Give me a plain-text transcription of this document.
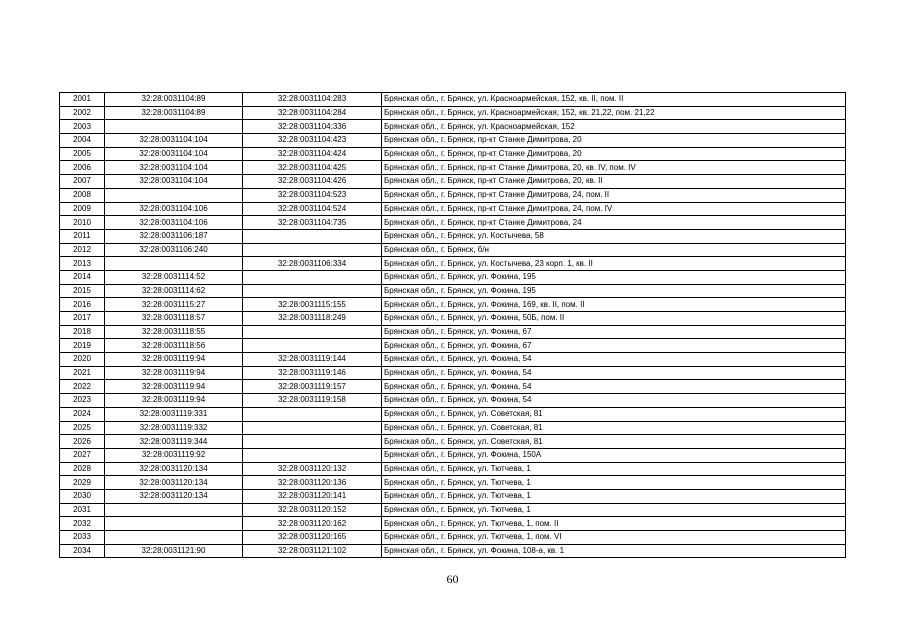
2001	32:28:0031104:89	32:28:0031104:283	Брянская обл., г. Брянск, ул. Красноармейская, 152, кв. II, пом. II
2002	32:28:0031104:89	32:28:0031104:284	Брянская обл., г. Брянск, ул. Красноармейская, 152, кв. 21,22, пом. 21,22
2003		32:28:0031104:336	Брянская обл., г. Брянск, ул. Красноармейская, 152
2004	32:28:0031104:104	32:28:0031104:423	Брянская обл., г. Брянск, пр-кт Станке Димитрова, 20
2005	32:28:0031104:104	32:28:0031104:424	Брянская обл., г. Брянск, пр-кт Станке Димитрова, 20
2006	32:28:0031104:104	32:28:0031104:425	Брянская обл., г. Брянск, пр-кт Станке Димитрова, 20, кв. IV, пом. IV
2007	32:28:0031104:104	32:28:0031104:426	Брянская обл., г. Брянск, пр-кт Станке Димитрова, 20, кв. II
2008		32:28:0031104:523	Брянская обл., г. Брянск, пр-кт Станке Димитрова, 24, пом. II
2009	32:28:0031104:106	32:28:0031104:524	Брянская обл., г. Брянск, пр-кт Станке Димитрова, 24, пом. IV
2010	32:28:0031104:106	32:28:0031104:735	Брянская обл., г. Брянск, пр-кт Станке Димитрова, 24
2011	32:28:0031106:187		Брянская обл., г. Брянск, ул. Костычева, 58
2012	32:28:0031106:240		Брянская обл., г. Брянск, б/н
2013		32:28:0031106:334	Брянская обл., г. Брянск, ул. Костычева, 23 корп. 1, кв. II
2014	32:28:0031114:52		Брянская обл., г. Брянск, ул. Фокина, 195
2015	32:28:0031114:62		Брянская обл., г. Брянск, ул. Фокина, 195
2016	32:28:0031115:27	32:28:0031115:155	Брянская обл., г. Брянск, ул. Фокина, 169, кв. II, пом. II
2017	32:28:0031118:57	32:28:0031118:249	Брянская обл., г. Брянск, ул. Фокина, 50Б, пом. II
2018	32:28:0031118:55		Брянская обл., г. Брянск, ул. Фокина, 67
2019	32:28:0031118:56		Брянская обл., г. Брянск, ул. Фокина, 67
2020	32:28:0031119:94	32:28:0031119:144	Брянская обл., г. Брянск, ул. Фокина, 54
2021	32:28:0031119:94	32:28:0031119:146	Брянская обл., г. Брянск, ул. Фокина, 54
2022	32:28:0031119:94	32:28:0031119:157	Брянская обл., г. Брянск, ул. Фокина, 54
2023	32:28:0031119:94	32:28:0031119:158	Брянская обл., г. Брянск, ул. Фокина, 54
2024	32:28:0031119:331		Брянская обл., г. Брянск, ул. Советская, 81
2025	32:28:0031119:332		Брянская обл., г. Брянск, ул. Советская, 81
2026	32:28:0031119:344		Брянская обл., г. Брянск, ул. Советская, 81
2027	32:28:0031119:92		Брянская обл., г. Брянск, ул. Фокина, 150А
2028	32:28:0031120:134	32:28:0031120:132	Брянская обл., г. Брянск, ул. Тютчева, 1
2029	32:28:0031120:134	32:28:0031120:136	Брянская обл., г. Брянск, ул. Тютчева, 1
2030	32:28:0031120:134	32:28:0031120:141	Брянская обл., г. Брянск, ул. Тютчева, 1
2031		32:28:0031120:152	Брянская обл., г. Брянск, ул. Тютчева, 1
2032		32:28:0031120:162	Брянская обл., г. Брянск, ул. Тютчева, 1, пом. II
2033		32:28:0031120:165	Брянская обл., г. Брянск, ул. Тютчева, 1, пом. VI
2034	32:28:0031121:90	32:28:0031121:102	Брянская обл., г. Брянск, ул. Фокина, 108-а, кв. 1
60
